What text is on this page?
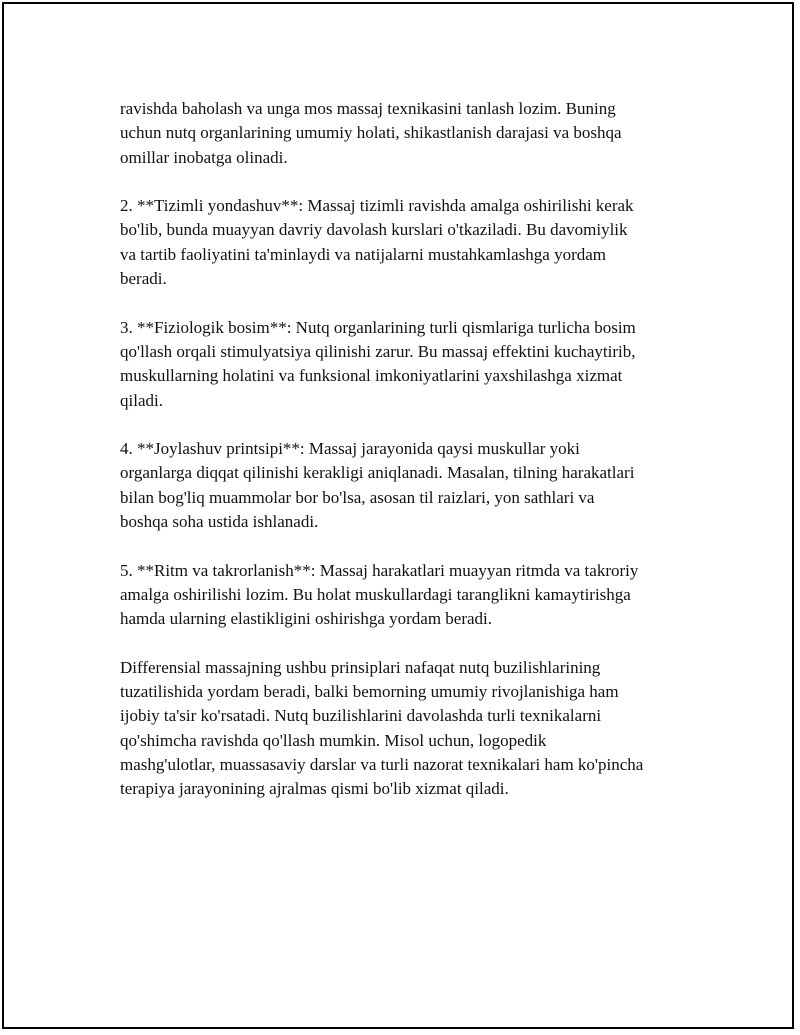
ravishda baholash va unga mos massaj texnikasini tanlash lozim. Buning
uchun nutq organlarining umumiy holati, shikastlanish darajasi va boshqa
omillar inobatga olinadi.

2. **Tizimli yondashuv**: Massaj tizimli ravishda amalga oshirilishi kerak
bo'lib, bunda muayyan davriy davolash kurslari o'tkaziladi. Bu davomiylik
va tartib faoliyatini ta'minlaydi va natijalarni mustahkamlashga yordam
beradi.

3. **Fiziologik bosim**: Nutq organlarining turli qismlariga turlicha bosim
qo'llash orqali stimulyatsiya qilinishi zarur. Bu massaj effektini kuchaytirib,
muskullarning holatini va funksional imkoniyatlarini yaxshilashga xizmat
qiladi.

4. **Joylashuv printsipi**: Massaj jarayonida qaysi muskullar yoki
organlarga diqqat qilinishi kerakligi aniqlanadi. Masalan, tilning harakatlari
bilan bog'liq muammolar bor bo'lsa, asosan til raizlari, yon sathlari va
boshqa soha ustida ishlanadi.

5. **Ritm va takrorlanish**: Massaj harakatlari muayyan ritmda va takroriy
amalga oshirilishi lozim. Bu holat muskullardagi taranglikni kamaytirishga
hamda ularning elastikligini oshirishga yordam beradi.

Differensial massajning ushbu prinsiplari nafaqat nutq buzilishlarining
tuzatilishida yordam beradi, balki bemorning umumiy rivojlanishiga ham
ijobiy ta'sir ko'rsatadi. Nutq buzilishlarini davolashda turli texnikalarni
qo'shimcha ravishda qo'llash mumkin. Misol uchun, logopedik
mashg'ulotlar, muassasaviy darslar va turli nazorat texnikalari ham ko'pincha
terapiya jarayonining ajralmas qismi bo'lib xizmat qiladi.
